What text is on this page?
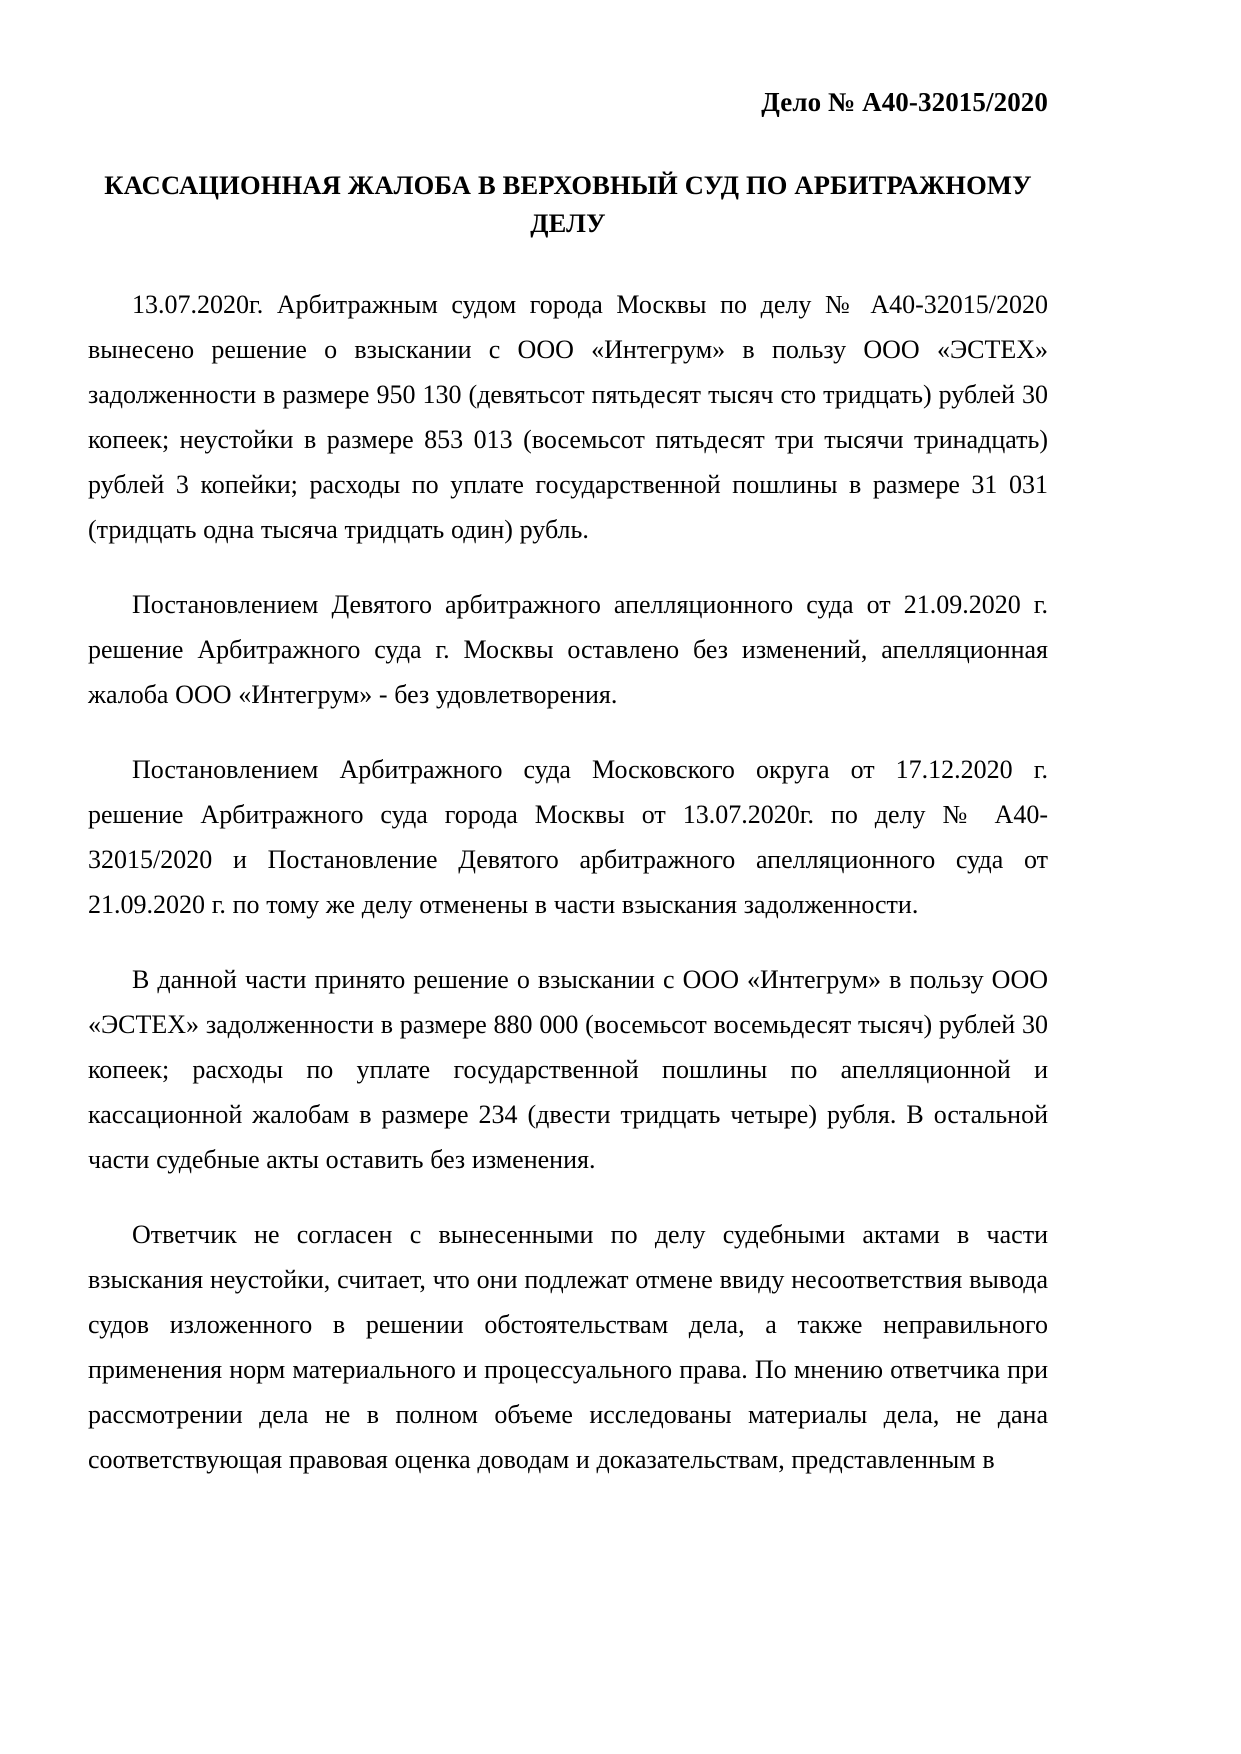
Дело № А40-32015/2020
КАССАЦИОННАЯ ЖАЛОБА В ВЕРХОВНЫЙ СУД ПО АРБИТРАЖНОМУ ДЕЛУ

13.07.2020г. Арбитражным судом города Москвы по делу № А40-32015/2020 вынесено решение о взыскании с ООО «Интегрум» в пользу ООО «ЭСТЕХ» задолженности в размере 950 130 (девятьсот пятьдесят тысяч сто тридцать) рублей 30 копеек; неустойки в размере 853 013 (восемьсот пятьдесят три тысячи тринадцать) рублей 3 копейки; расходы по уплате государственной пошлины в размере 31 031 (тридцать одна тысяча тридцать один) рубль.

Постановлением Девятого арбитражного апелляционного суда от 21.09.2020 г. решение Арбитражного суда г. Москвы оставлено без изменений, апелляционная жалоба ООО «Интегрум» - без удовлетворения.

Постановлением Арбитражного суда Московского округа от 17.12.2020 г. решение Арбитражного суда города Москвы от 13.07.2020г. по делу № А40-32015/2020 и Постановление Девятого арбитражного апелляционного суда от 21.09.2020 г. по тому же делу отменены в части взыскания задолженности.

В данной части принято решение о взыскании с ООО «Интегрум» в пользу ООО «ЭСТЕХ» задолженности в размере 880 000 (восемьсот восемьдесят тысяч) рублей 30 копеек; расходы по уплате государственной пошлины по апелляционной и кассационной жалобам в размере 234 (двести тридцать четыре) рубля. В остальной части судебные акты оставить без изменения.

Ответчик не согласен с вынесенными по делу судебными актами в части взыскания неустойки, считает, что они подлежат отмене ввиду несоответствия вывода судов изложенного в решении обстоятельствам дела, а также неправильного применения норм материального и процессуального права. По мнению ответчика при рассмотрении дела не в полном объеме исследованы материалы дела, не дана соответствующая правовая оценка доводам и доказательствам, представленным в
